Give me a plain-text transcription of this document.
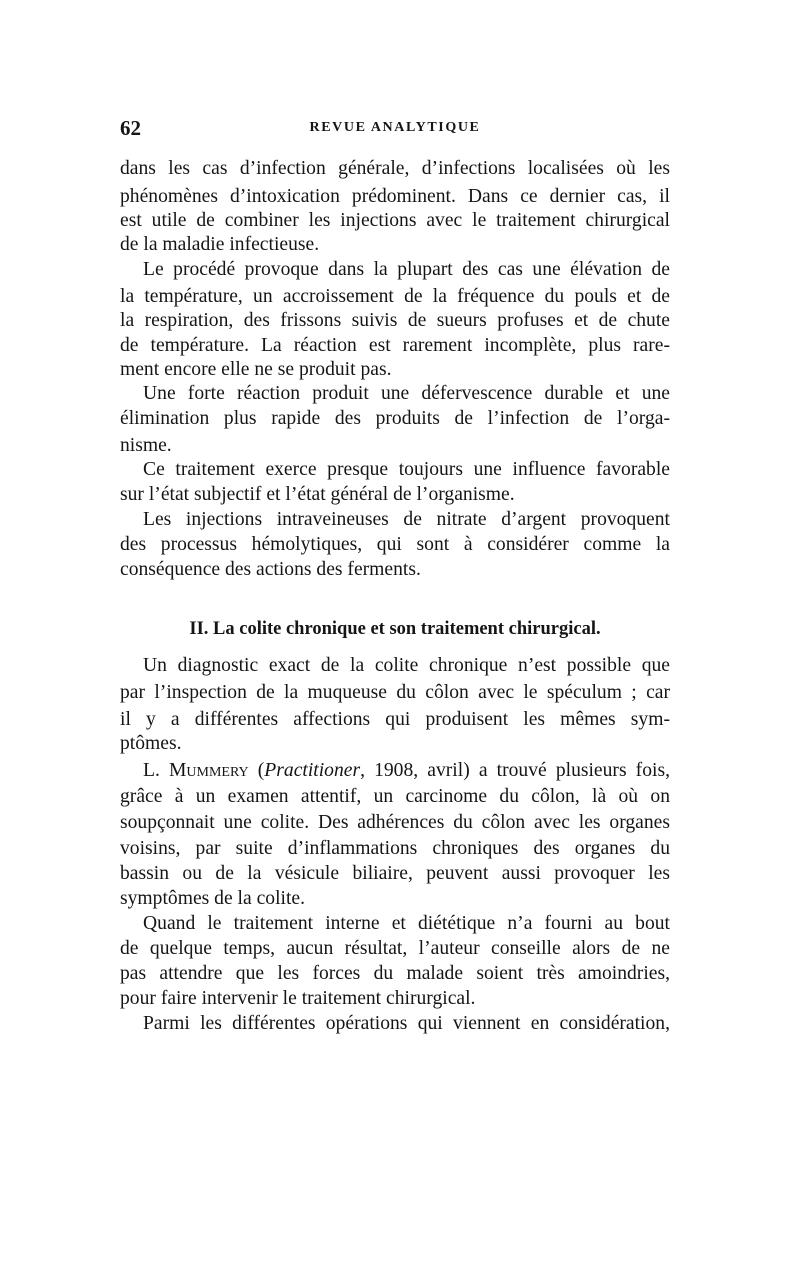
62	REVUE ANALYTIQUE
dans les cas d’infection générale, d’infections localisées où les
phénomènes d’intoxication prédominent. Dans ce dernier cas, il
est utile de combiner les injections avec le traitement chirurgical
de la maladie infectieuse.
Le procédé provoque dans la plupart des cas une élévation de
la température, un accroissement de la fréquence du pouls et de
la respiration, des frissons suivis de sueurs profuses et de chute
de température. La réaction est rarement incomplète, plus rare-
ment encore elle ne se produit pas.
Une forte réaction produit une défervescence durable et une
élimination plus rapide des produits de l’infection de l’orga-
nisme.
Ce traitement exerce presque toujours une influence favorable
sur l’état subjectif et l’état général de l’organisme.
Les injections intraveineuses de nitrate d’argent provoquent
des processus hémolytiques, qui sont à considérer comme la
conséquence des actions des ferments.
II. La colite chronique et son traitement chirurgical.
Un diagnostic exact de la colite chronique n’est possible que
par l’inspection de la muqueuse du côlon avec le spéculum ; car
il y a différentes affections qui produisent les mêmes sym-
ptômes.
L. Mummery (Practitioner, 1908, avril) a trouvé plusieurs fois,
grâce à un examen attentif, un carcinome du côlon, là où on
soupçonnait une colite. Des adhérences du côlon avec les organes
voisins, par suite d’inflammations chroniques des organes du
bassin ou de la vésicule biliaire, peuvent aussi provoquer les
symptômes de la colite.
Quand le traitement interne et diététique n’a fourni au bout
de quelque temps, aucun résultat, l’auteur conseille alors de ne
pas attendre que les forces du malade soient très amoindries,
pour faire intervenir le traitement chirurgical.
Parmi les différentes opérations qui viennent en considération,
